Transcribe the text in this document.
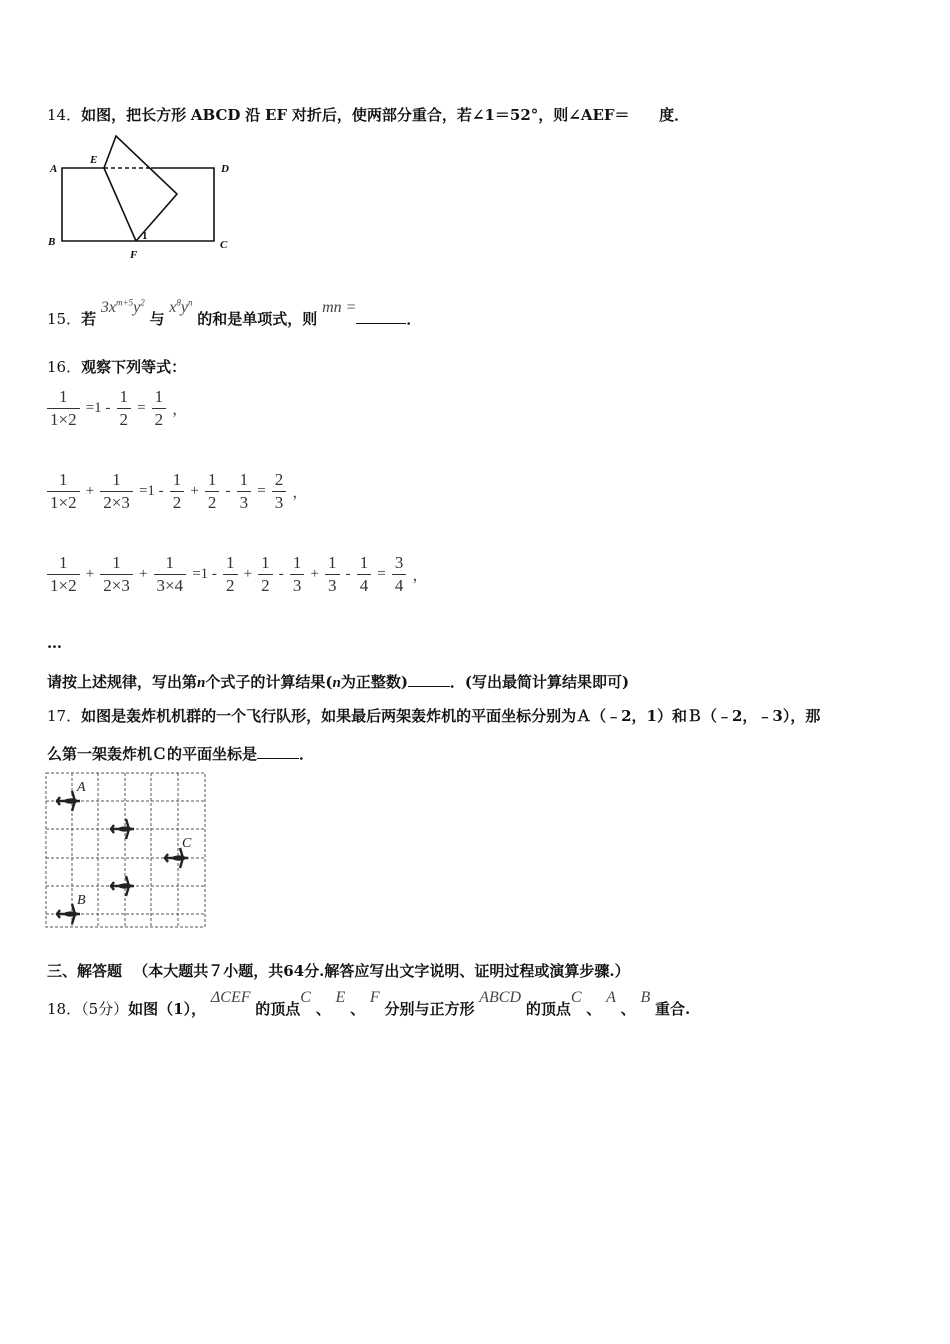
14．如图，把长方形 ABCD 沿 EF 对折后，使两部分重合，若∠1＝52°，则∠AEF＝ 度．
A
E
D
B
F
C
1
15．若 $3x^{m+5}y^2$ 与 $x^8y^n$ 的和是单项式，则 mn =．
16．观察下列等式：
$\frac{1}{1\times 2} =1 - \frac{1}{2} = \frac{1}{2}$ ，
$\frac{1}{1\times 2} + \frac{1}{2\times 3} =1 - \frac{1}{2} + \frac{1}{2} - \frac{1}{3} = \frac{2}{3}$ ，
$\frac{1}{1\times 2} + \frac{1}{2\times 3} + \frac{1}{3\times 4} =1 - \frac{1}{2} + \frac{1}{2} - \frac{1}{3} + \frac{1}{3} - \frac{1}{4} = \frac{3}{4}$ ，
…
请按上述规律，写出第n个式子的计算结果(n为正整数)	．(写出最简计算结果即可)
17．如图是轰炸机机群的一个飞行队形，如果最后两架轰炸机的平面坐标分别为Ａ（﹣2，1）和Ｂ（﹣2，﹣3），那
么第一架轰炸机Ｃ的平面坐标是	．
A
B
C
三、解答题 （本大题共７小题，共64分.解答应写出文字说明、证明过程或演算步骤.）
18．（5分）如图（1）， ΔCEF 的顶点C 、 E 、 F 分别与正方形 ABCD 的顶点C 、 A 、 B 重合.
